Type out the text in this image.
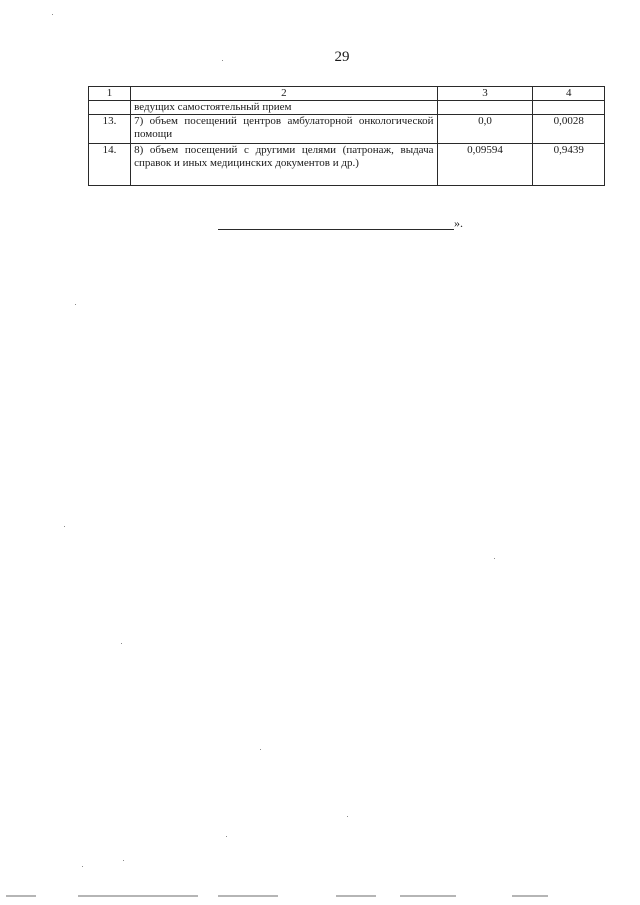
29
1	2	3	4
	ведущих самостоятельный прием		
13.	7) объем посещений центров амбулаторной онкологической помощи	0,0	0,0028
14.	8) объем посещений с другими целями (патронаж, выдача справок и иных медицинских документов и др.)	0,09594	0,9439
».
